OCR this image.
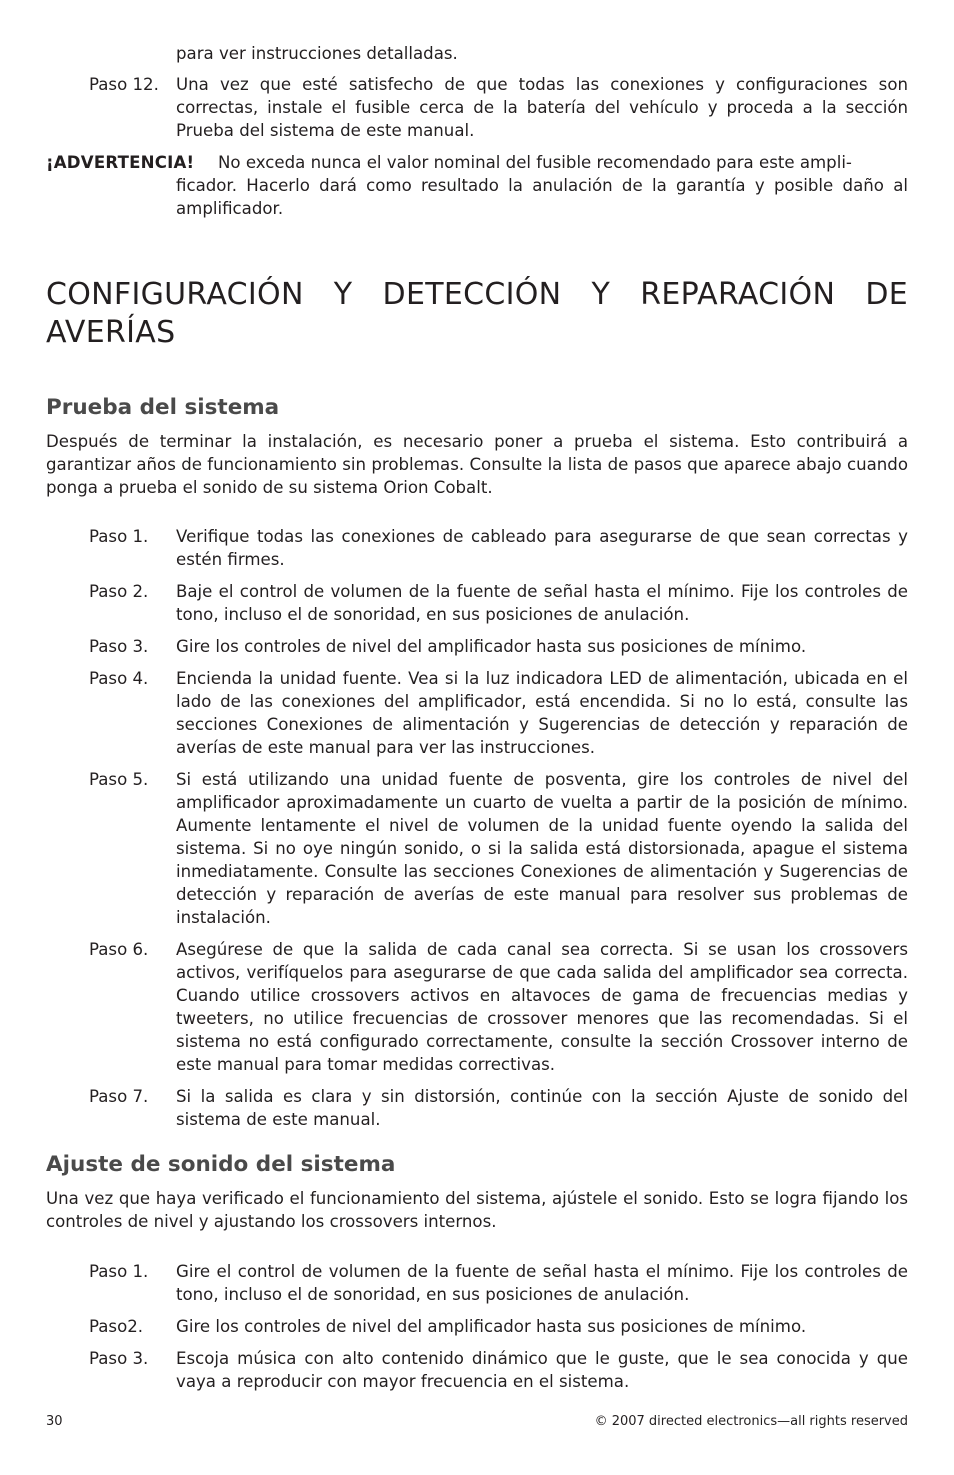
para ver instrucciones detalladas.
Paso 12. Una vez que esté satisfecho de que todas las conexiones y configuraciones son correctas, instale el fusible cerca de la batería del vehículo y proceda a la sección Prueba del sistema de este manual.
¡ADVERTENCIA! No exceda nunca el valor nominal del fusible recomendado para este ampli-
ficador. Hacerlo dará como resultado la anulación de la garantía y posible daño al amplificador.
CONFIGURACIÓN Y DETECCIÓN Y REPARACIÓN DE AVERÍAS
Prueba del sistema
Después de terminar la instalación, es necesario poner a prueba el sistema. Esto contribuirá a garantizar años de funcionamiento sin problemas. Consulte la lista de pasos que aparece abajo cuando ponga a prueba el sonido de su sistema Orion Cobalt.
Paso 1. Verifique todas las conexiones de cableado para asegurarse de que sean correctas y estén firmes.
Paso 2. Baje el control de volumen de la fuente de señal hasta el mínimo. Fije los controles de tono, incluso el de sonoridad, en sus posiciones de anulación.
Paso 3. Gire los controles de nivel del amplificador hasta sus posiciones de mínimo.
Paso 4. Encienda la unidad fuente. Vea si la luz indicadora LED de alimentación, ubicada en el lado de las conexiones del amplificador, está encendida. Si no lo está, consulte las secciones Conexiones de alimentación y Sugerencias de detección y reparación de averías de este manual para ver las instrucciones.
Paso 5. Si está utilizando una unidad fuente de posventa, gire los controles de nivel del amplificador aproximadamente un cuarto de vuelta a partir de la posición de mínimo. Aumente lentamente el nivel de volumen de la unidad fuente oyendo la salida del sistema. Si no oye ningún sonido, o si la salida está distorsionada, apague el sistema inmediatamente. Consulte las secciones Conexiones de alimentación y Sugerencias de detección y reparación de averías de este manual para resolver sus problemas de instalación.
Paso 6. Asegúrese de que la salida de cada canal sea correcta. Si se usan los crossovers activos, verifíquelos para asegurarse de que cada salida del amplificador sea correcta. Cuando utilice crossovers activos en altavoces de gama de frecuencias medias y tweeters, no utilice frecuencias de crossover menores que las recomendadas. Si el sistema no está configurado correctamente, consulte la sección Crossover interno de este manual para tomar medidas correctivas.
Paso 7. Si la salida es clara y sin distorsión, continúe con la sección Ajuste de sonido del sistema de este manual.
Ajuste de sonido del sistema
Una vez que haya verificado el funcionamiento del sistema, ajústele el sonido. Esto se logra fijando los controles de nivel y ajustando los crossovers internos.
Paso 1. Gire el control de volumen de la fuente de señal hasta el mínimo. Fije los controles de tono, incluso el de sonoridad, en sus posiciones de anulación.
Paso2. Gire los controles de nivel del amplificador hasta sus posiciones de mínimo.
Paso 3. Escoja música con alto contenido dinámico que le guste, que le sea conocida y que vaya a reproducir con mayor frecuencia en el sistema.
30	© 2007 directed electronics—all rights reserved
